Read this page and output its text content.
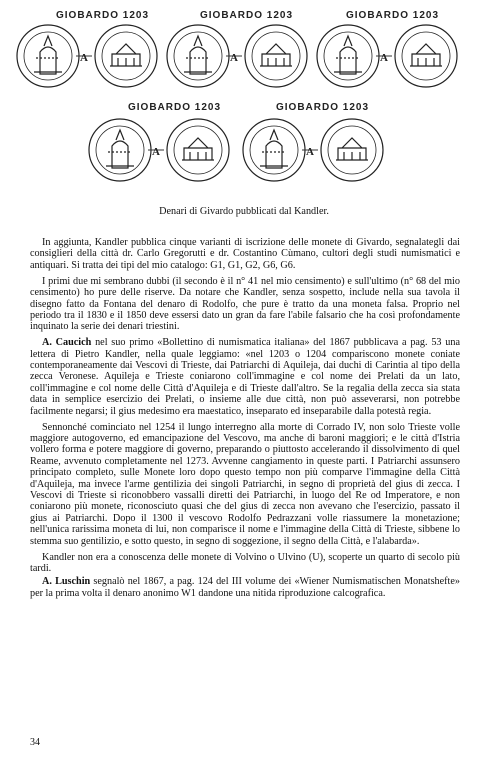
GIOBARDO 1203	GIOBARDO 1203	GIOBARDO 1203
GIOBARDO 1203	GIOBARDO 1203
A	A	A
A	A
Denari di Givardo pubblicati dal Kandler.

In aggiunta, Kandler pubblica cinque varianti di iscrizione delle monete di Givardo, segnalategli dai consiglieri della città dr. Carlo Gregorutti e dr. Costantino Cùmano, cultori degli studi numismatici e antiquari. Si tratta dei tipi del mio catalogo: G1, G1, G2, G6, G6.

I primi due mi sembrano dubbi (il secondo è il n° 41 nel mio censimento) e sull'ultimo (n° 68 del mio censimento) ho pure delle riserve. Da notare che Kandler, senza sospetto, include nella sua tavola il disegno fatto da Fontana del denaro di Rodolfo, che pure è tratto da una moneta falsa. Proprio nel periodo tra il 1830 e il 1850 deve essersi dato un gran da fare l'abile falsario che ha così profondamente inquinato la serie dei denari triestini.

A. Caucich nel suo primo «Bollettino di numismatica italiana» del 1867 pubblicava a pag. 53 una lettera di Pietro Kandler, nella quale leggiamo: «nel 1203 o 1204 compariscono monete coniate contemporaneamente dai Vescovi di Trieste, dai Patriarchi di Aquileja, dai duchi di Carintia al tipo della zecca Veronese. Aquileja e Trieste coniarono coll'immagine e col nome dei Prelati da un lato, coll'immagine e col nome delle Città d'Aquileja e di Trieste dall'altro. Se la regalìa della zecca sia stata data in semplice esercizio dei Prelati, o insieme alle due città, non può asseverarsi, non potrebbe facilmente negarsi; il gius medesimo era maestatico, inseparato ed inseparabile dalla potestà regia.

Sennonché cominciato nel 1254 il lungo interregno alla morte di Corrado IV, non solo Trieste volle maggiore autogoverno, ed emancipazione del Vescovo, ma anche di baroni maggiori; e le città d'Istria vollero forma e potere maggiore di governo, preparando o piuttosto accelerando il dissolvimento di quel Reame, avvenuto completamente nel 1273. Avvenne cangiamento in queste parti. I Patriarchi assunsero principato completo, sulle Monete loro dopo questo tempo non più comparve l'immagine della Città d'Aquileja, ma invece l'arme gentilizia dei singoli Patriarchi, in segno di proprietà del gius di zecca. I Vescovi di Trieste si riconobbero vassalli diretti dei Patriarchi, in luogo del Re od Imperatore, e non coniarono più monete, riconosciuto quasi che del gius di zecca non avevano che l'esercizio, passato il gius ai Patriarchi. Dopo il 1300 il vescovo Rodolfo Pedrazzani volle riassumere la monetazione; nell'unica rarissima moneta di lui, non comparisce il nome e l'immagine della Città di Trieste, sibbene lo stemma suo gentilizio, e sotto questo, in segno di soggezione, il segno della Città, e l'alabarda».

Kandler non era a conoscenza delle monete di Volvino o Ulvino (U), scoperte un quarto di secolo più tardi.

A. Luschin segnalò nel 1867, a pag. 124 del III volume dei «Wiener Numismatischen Monatshefte» per la prima volta il denaro anonimo W1 dandone una nitida riproduzione calcografica.

34
